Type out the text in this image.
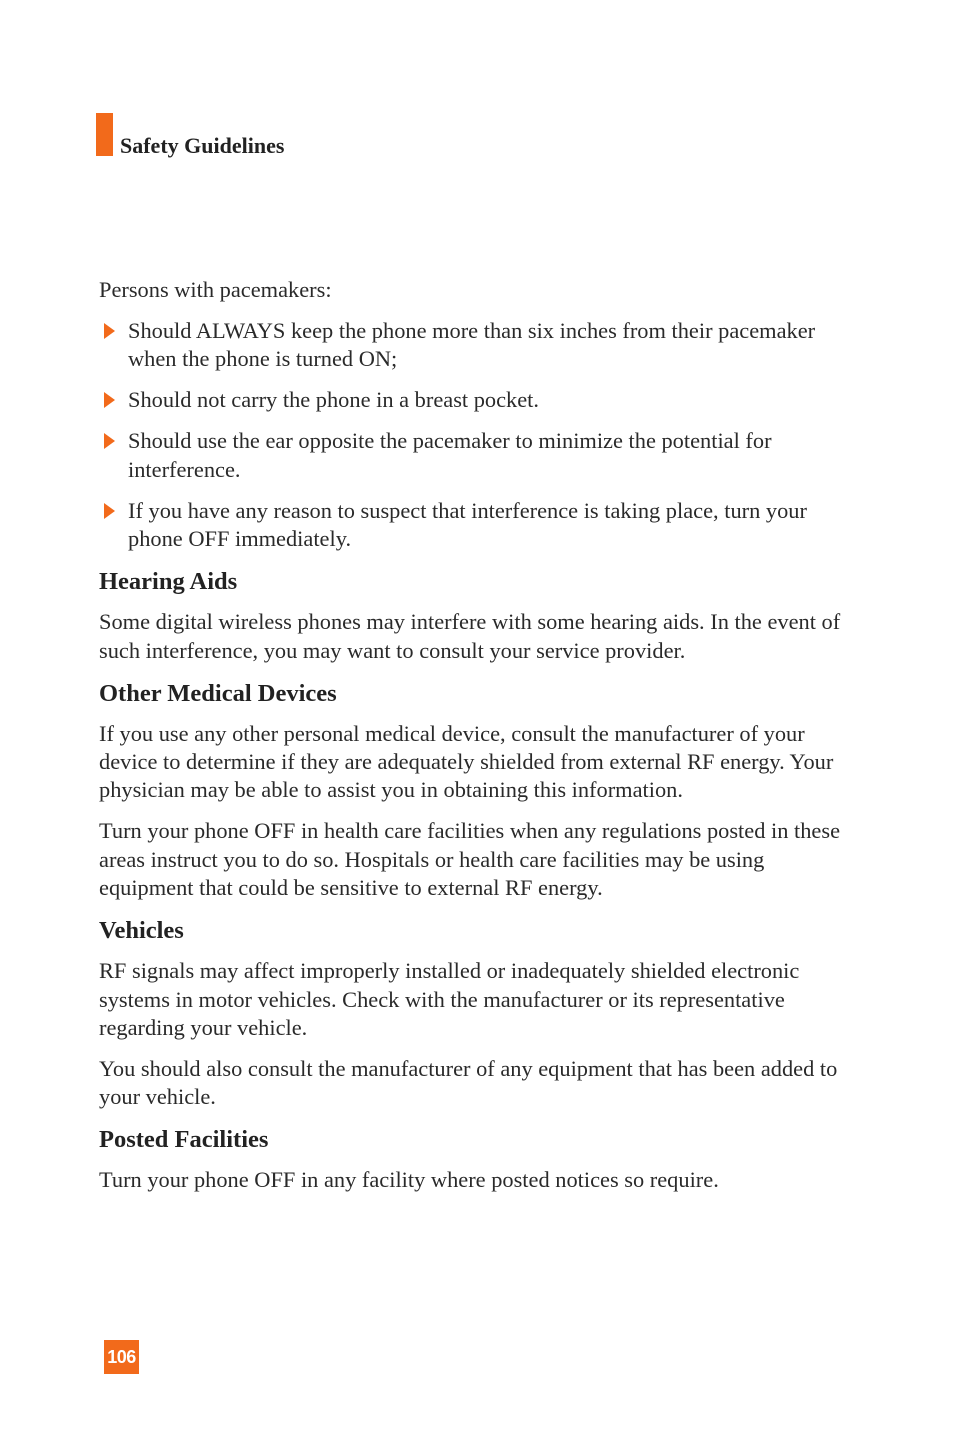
Safety Guidelines

Persons with pacemakers:

Should ALWAYS keep the phone more than six inches from their pacemaker when the phone is turned ON;
Should not carry the phone in a breast pocket.
Should use the ear opposite the pacemaker to minimize the potential for interference.
If you have any reason to suspect that interference is taking place, turn your phone OFF immediately.
Hearing Aids

Some digital wireless phones may interfere with some hearing aids. In the event of such interference, you may want to consult your service provider.

Other Medical Devices

If you use any other personal medical device, consult the manufacturer of your device to determine if they are adequately shielded from external RF energy. Your physician may be able to assist you in obtaining this information.

Turn your phone OFF in health care facilities when any regulations posted in these areas instruct you to do so. Hospitals or health care facilities may be using equipment that could be sensitive to external RF energy.

Vehicles

RF signals may affect improperly installed or inadequately shielded electronic systems in motor vehicles. Check with the manufacturer or its representative regarding your vehicle.

You should also consult the manufacturer of any equipment that has been added to your vehicle.

Posted Facilities

Turn your phone OFF in any facility where posted notices so require.

106
